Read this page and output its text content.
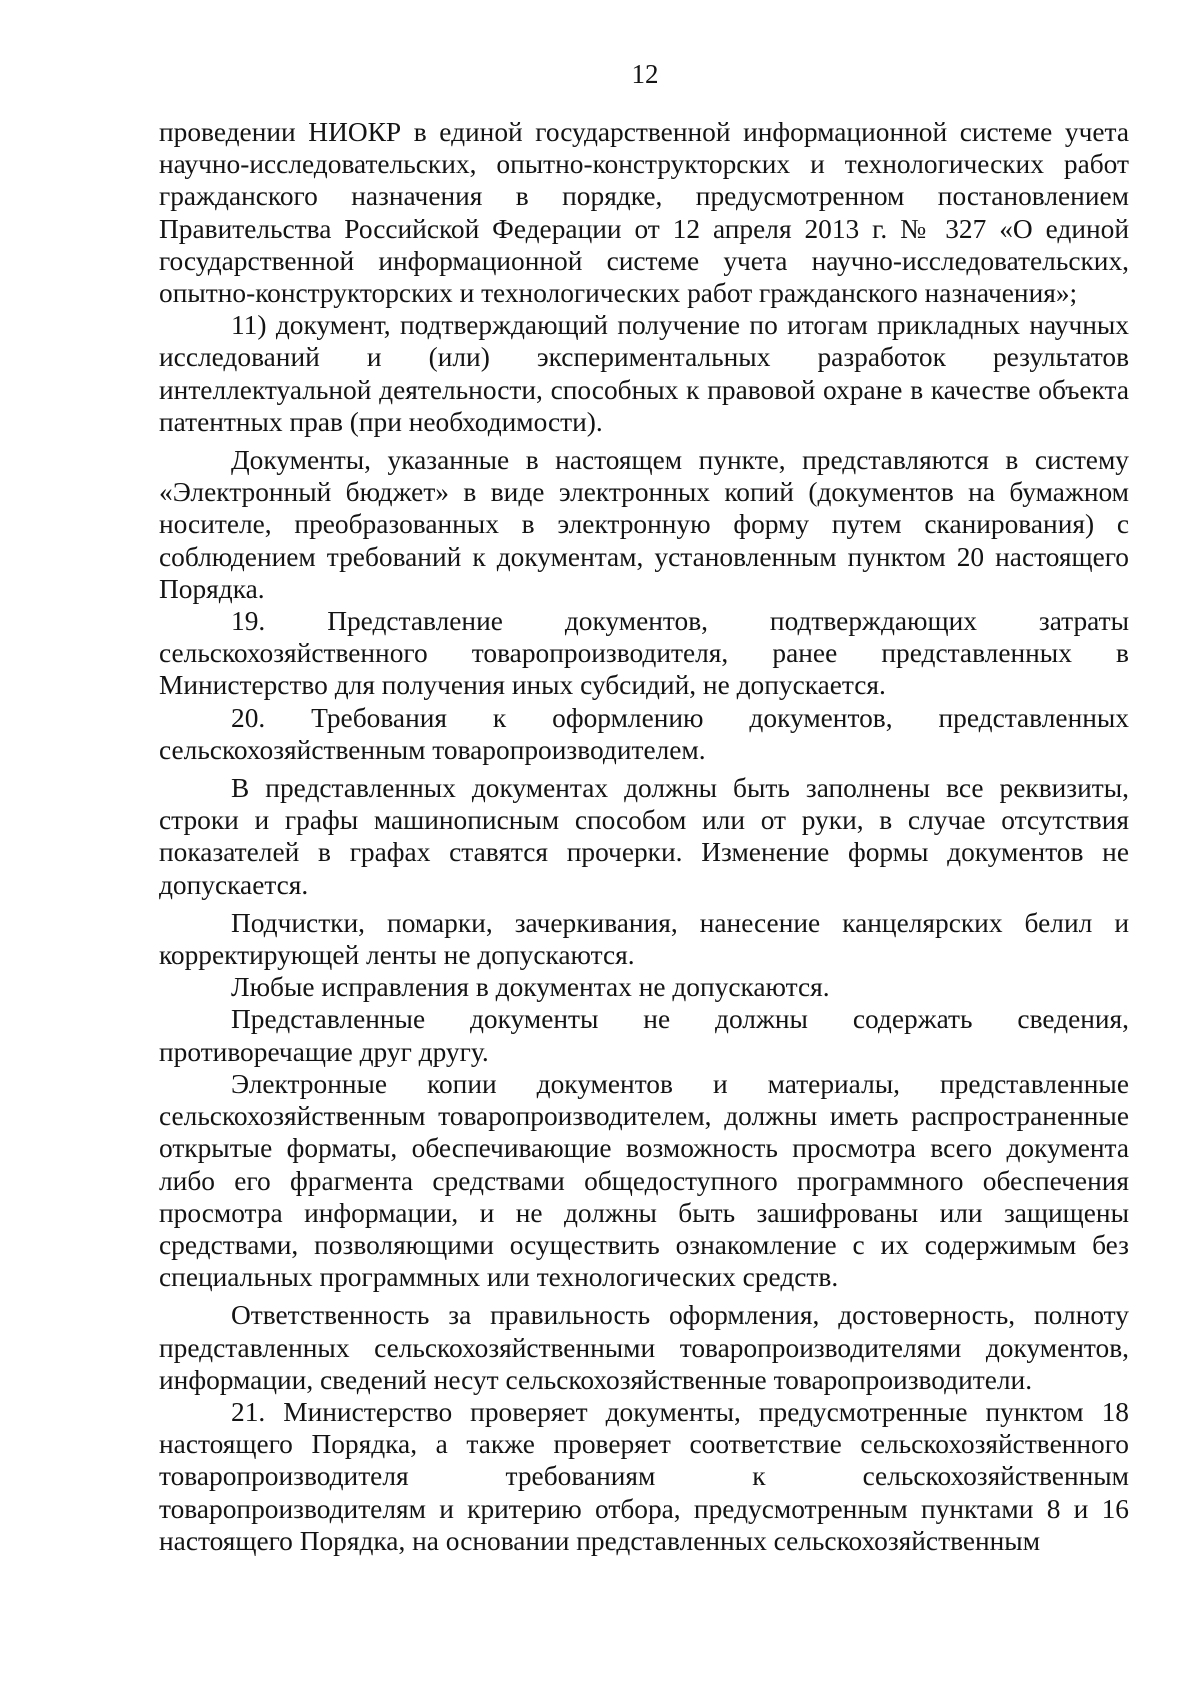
12

проведении НИОКР в единой государственной информационной системе учета научно-исследовательских, опытно-конструкторских и технологических работ гражданского назначения в порядке, предусмотренном постановлением Правительства Российской Федерации от 12 апреля 2013 г. № 327 «О единой государственной информационной системе учета научно-исследовательских, опытно-конструкторских и технологических работ гражданского назначения»;

11) документ, подтверждающий получение по итогам прикладных научных исследований и (или) экспериментальных разработок результатов интеллектуальной деятельности, способных к правовой охране в качестве объекта патентных прав (при необходимости).

Документы, указанные в настоящем пункте, представляются в систему «Электронный бюджет» в виде электронных копий (документов на бумажном носителе, преобразованных в электронную форму путем сканирования) с соблюдением требований к документам, установленным пунктом 20 настоящего Порядка.

19. Представление документов, подтверждающих затраты сельскохозяйственного товаропроизводителя, ранее представленных в Министерство для получения иных субсидий, не допускается.

20. Требования к оформлению документов, представленных сельскохозяйственным товаропроизводителем.

В представленных документах должны быть заполнены все реквизиты, строки и графы машинописным способом или от руки, в случае отсутствия показателей в графах ставятся прочерки. Изменение формы документов не допускается.

Подчистки, помарки, зачеркивания, нанесение канцелярских белил и корректирующей ленты не допускаются.

Любые исправления в документах не допускаются.

Представленные документы не должны содержать сведения, противоречащие друг другу.

Электронные копии документов и материалы, представленные сельскохозяйственным товаропроизводителем, должны иметь распространенные открытые форматы, обеспечивающие возможность просмотра всего документа либо его фрагмента средствами общедоступного программного обеспечения просмотра информации, и не должны быть зашифрованы или защищены средствами, позволяющими осуществить ознакомление с их содержимым без специальных программных или технологических средств.

Ответственность за правильность оформления, достоверность, полноту представленных сельскохозяйственными товаропроизводителями документов, информации, сведений несут сельскохозяйственные товаропроизводители.

21. Министерство проверяет документы, предусмотренные пунктом 18 настоящего Порядка, а также проверяет соответствие сельскохозяйственного товаропроизводителя требованиям к сельскохозяйственным товаропроизводителям и критерию отбора, предусмотренным пунктами 8 и 16 настоящего Порядка, на основании представленных сельскохозяйственным
